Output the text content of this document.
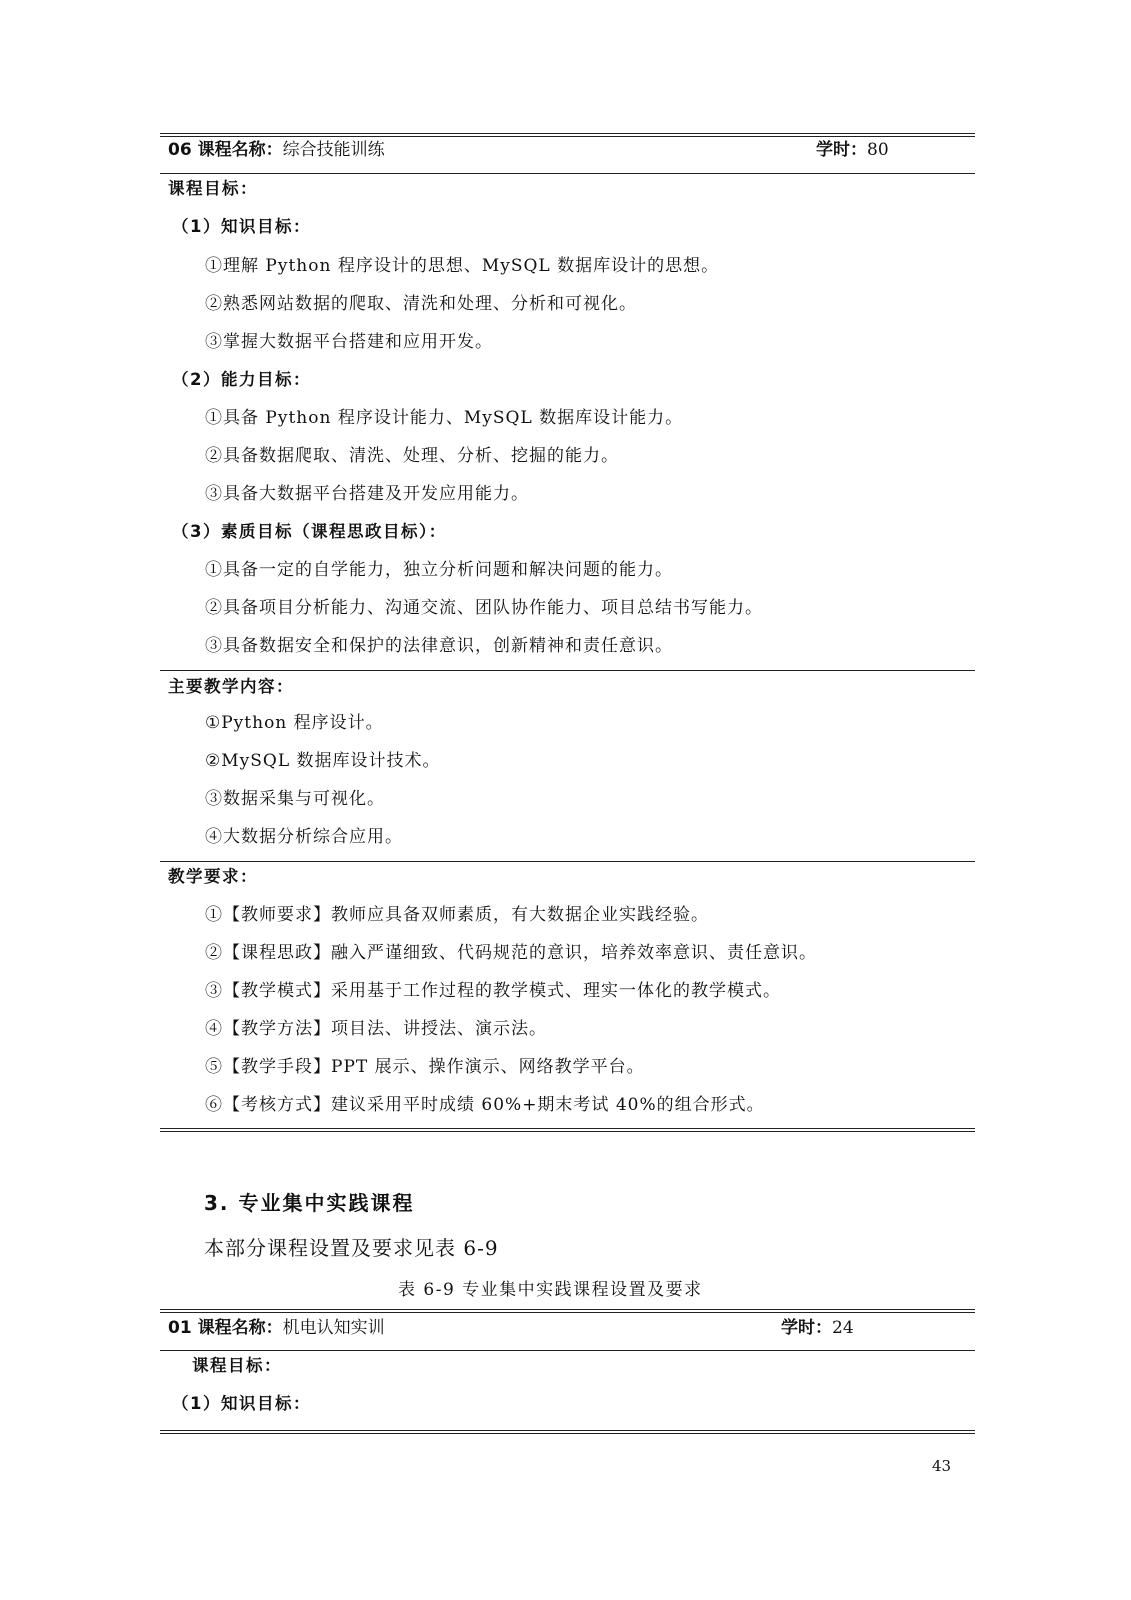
06 课程名称：综合技能训练	学时：80
课程目标：
（1）知识目标：
①理解 Python 程序设计的思想、MySQL 数据库设计的思想。
②熟悉网站数据的爬取、清洗和处理、分析和可视化。
③掌握大数据平台搭建和应用开发。
（2）能力目标：
①具备 Python 程序设计能力、MySQL 数据库设计能力。
②具备数据爬取、清洗、处理、分析、挖掘的能力。
③具备大数据平台搭建及开发应用能力。
（3）素质目标（课程思政目标）：
①具备一定的自学能力，独立分析问题和解决问题的能力。
②具备项目分析能力、沟通交流、团队协作能力、项目总结书写能力。
③具备数据安全和保护的法律意识，创新精神和责任意识。
主要教学内容：
①Python 程序设计。
②MySQL 数据库设计技术。
③数据采集与可视化。
④大数据分析综合应用。
教学要求：
①【教师要求】教师应具备双师素质，有大数据企业实践经验。
②【课程思政】融入严谨细致、代码规范的意识，培养效率意识、责任意识。
③【教学模式】采用基于工作过程的教学模式、理实一体化的教学模式。
④【教学方法】项目法、讲授法、演示法。
⑤【教学手段】PPT 展示、操作演示、网络教学平台。
⑥【考核方式】建议采用平时成绩 60%+期末考试 40%的组合形式。
3. 专业集中实践课程
本部分课程设置及要求见表 6-9
表 6-9 专业集中实践课程设置及要求
01 课程名称：机电认知实训	学时：24
课程目标：
（1）知识目标：
43
